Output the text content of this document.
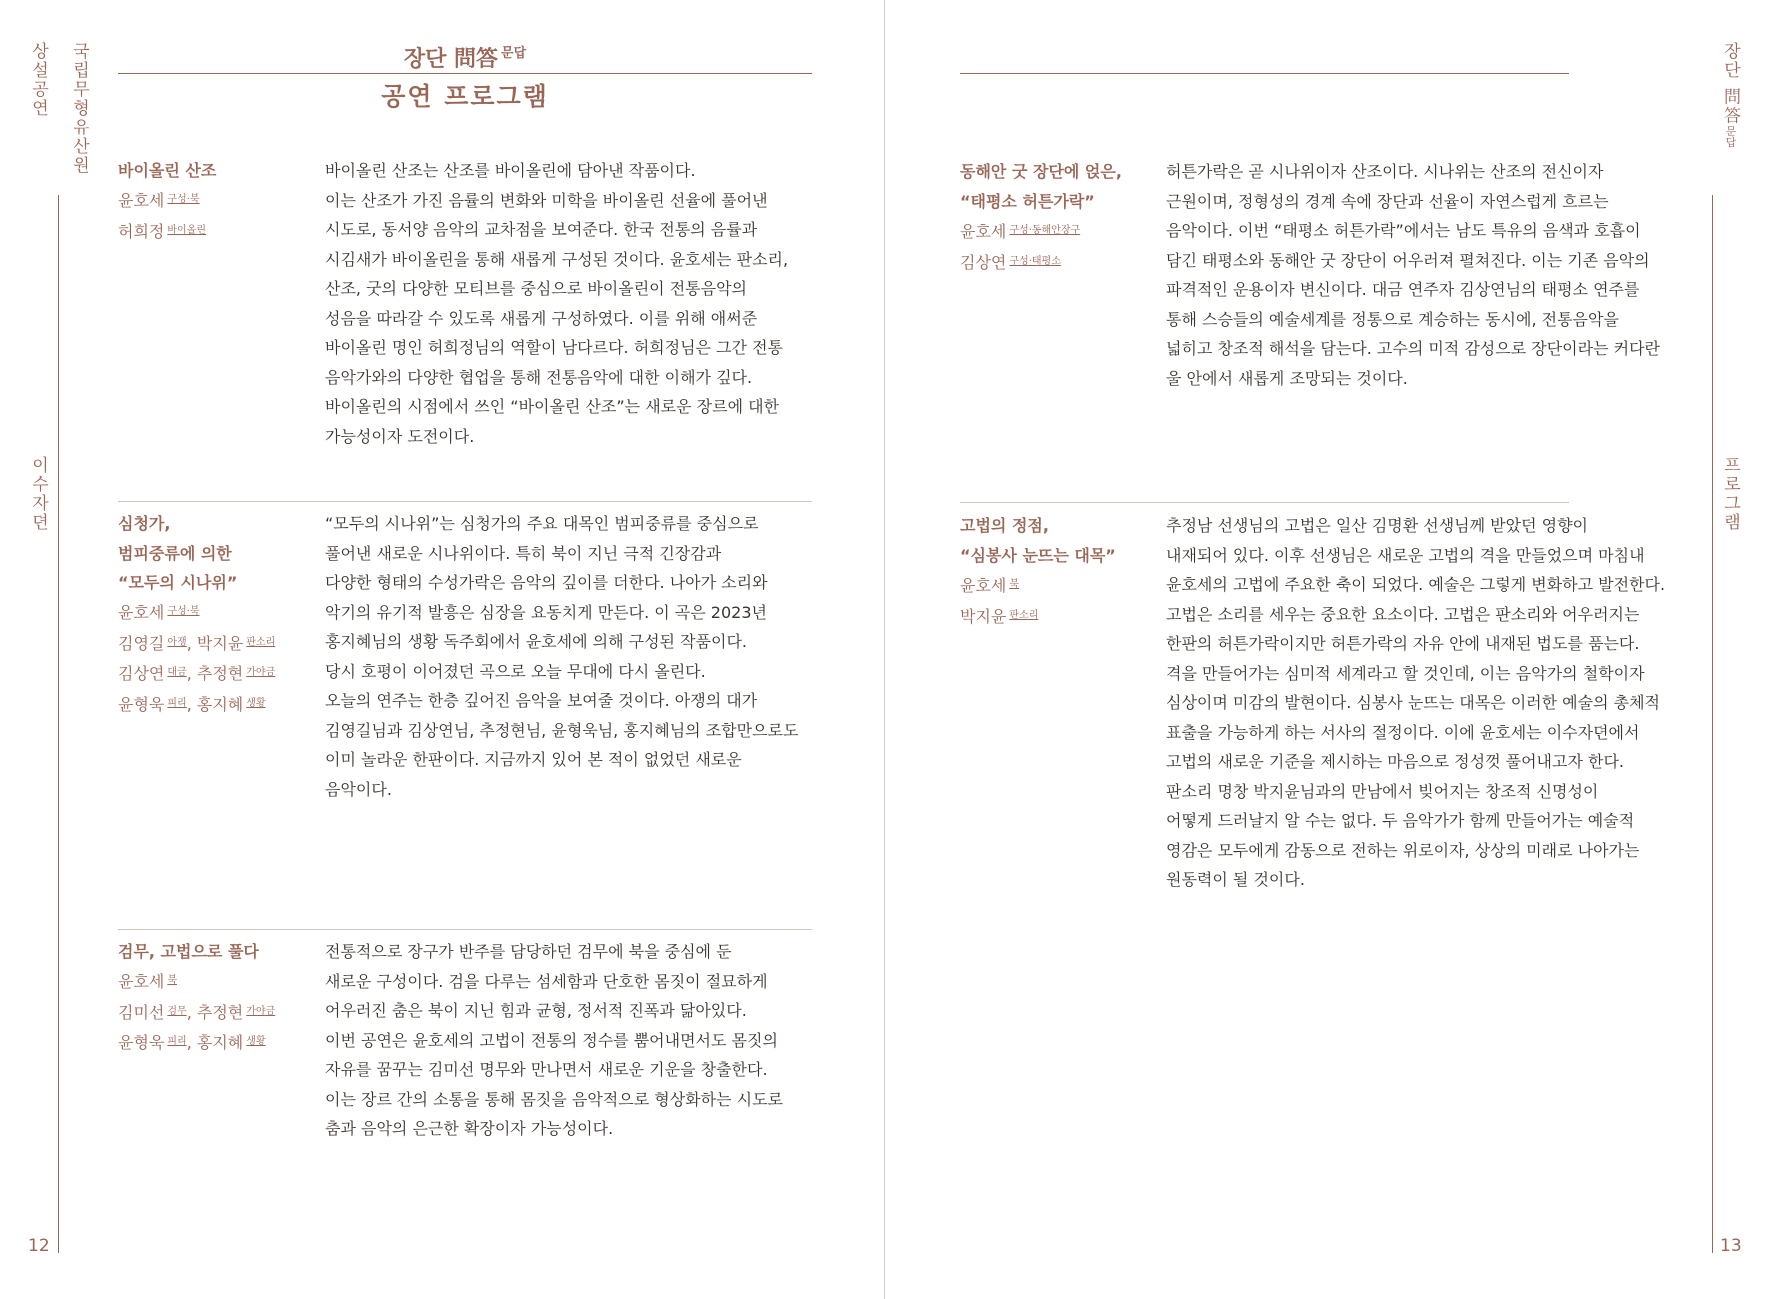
상설공연 국립무형유산원
이수자뎐
12
장단 問答 $^{문답}$
공연 프로그램
바이올린 산조
윤호세 $^{구성\cdot 북}$
허희정 $^{바이올린}$
바이올린 산조는 산조를 바이올린에 담아낸 작품이다.
이는 산조가 가진 음률의 변화와 미학을 바이올린 선율에 풀어낸
시도로, 동서양 음악의 교차점을 보여준다. 한국 전통의 음률과
시김새가 바이올린을 통해 새롭게 구성된 것이다. 윤호세는 판소리,
산조, 굿의 다양한 모티브를 중심으로 바이올린이 전통음악의
성음을 따라갈 수 있도록 새롭게 구성하였다. 이를 위해 애써준
바이올린 명인 허희정님의 역할이 남다르다. 허희정님은 그간 전통
음악가와의 다양한 협업을 통해 전통음악에 대한 이해가 깊다.
바이올린의 시점에서 쓰인 “바이올린 산조”는 새로운 장르에 대한
가능성이자 도전이다.
심청가,
범피중류에 의한
“모두의 시나위”
윤호세 $^{구성\cdot 북}$
김영길 $^{아쟁}$, 박지윤 $^{판소리}$
김상연 $^{대금}$, 추정현 $^{가야금}$
윤형욱 $^{피리}$, 홍지혜 $^{생황}$
“모두의 시나위”는 심청가의 주요 대목인 범피중류를 중심으로
풀어낸 새로운 시나위이다. 특히 북이 지닌 극적 긴장감과
다양한 형태의 수성가락은 음악의 깊이를 더한다. 나아가 소리와
악기의 유기적 발흥은 심장을 요동치게 만든다. 이 곡은 2023년
홍지혜님의 생황 독주회에서 윤호세에 의해 구성된 작품이다.
당시 호평이 이어졌던 곡으로 오늘 무대에 다시 올린다.
오늘의 연주는 한층 깊어진 음악을 보여줄 것이다. 아쟁의 대가
김영길님과 김상연님, 추정현님, 윤형욱님, 홍지혜님의 조합만으로도
이미 놀라운 한판이다. 지금까지 있어 본 적이 없었던 새로운
음악이다.
검무, 고법으로 풀다
윤호세 $^북$
김미선 $^{검무}$, 추정현 $^{가야금}$
윤형욱 $^{피리}$, 홍지혜 $^{생황}$
전통적으로 장구가 반주를 담당하던 검무에 북을 중심에 둔
새로운 구성이다. 검을 다루는 섬세함과 단호한 몸짓이 절묘하게
어우러진 춤은 북이 지닌 힘과 균형, 정서적 진폭과 닮아있다.
이번 공연은 윤호세의 고법이 전통의 정수를 뿜어내면서도 몸짓의
자유를 꿈꾸는 김미선 명무와 만나면서 새로운 기운을 창출한다.
이는 장르 간의 소통을 통해 몸짓을 음악적으로 형상화하는 시도로
춤과 음악의 은근한 확장이자 가능성이다.
장단 問答문답
프로그램
13
동해안 굿 장단에 얹은,
“태평소 허튼가락”
윤호세 $^{구성\cdot 동해안장구}$
김상연 $^{구성\cdot 태평소}$
허튼가락은 곧 시나위이자 산조이다. 시나위는 산조의 전신이자
근원이며, 정형성의 경계 속에 장단과 선율이 자연스럽게 흐르는
음악이다. 이번 “태평소 허튼가락”에서는 남도 특유의 음색과 호흡이
담긴 태평소와 동해안 굿 장단이 어우러져 펼쳐진다. 이는 기존 음악의
파격적인 운용이자 변신이다. 대금 연주자 김상연님의 태평소 연주를
통해 스승들의 예술세계를 정통으로 계승하는 동시에, 전통음악을
넓히고 창조적 해석을 담는다. 고수의 미적 감성으로 장단이라는 커다란
울 안에서 새롭게 조망되는 것이다.
고법의 정점,
“심봉사 눈뜨는 대목”
윤호세 $^북$
박지윤 $^{판소리}$
추정남 선생님의 고법은 일산 김명환 선생님께 받았던 영향이
내재되어 있다. 이후 선생님은 새로운 고법의 격을 만들었으며 마침내
윤호세의 고법에 주요한 축이 되었다. 예술은 그렇게 변화하고 발전한다.
고법은 소리를 세우는 중요한 요소이다. 고법은 판소리와 어우러지는
한판의 허튼가락이지만 허튼가락의 자유 안에 내재된 법도를 품는다.
격을 만들어가는 심미적 세계라고 할 것인데, 이는 음악가의 철학이자
심상이며 미감의 발현이다. 심봉사 눈뜨는 대목은 이러한 예술의 총체적
표출을 가능하게 하는 서사의 절정이다. 이에 윤호세는 이수자뎐에서
고법의 새로운 기준을 제시하는 마음으로 정성껏 풀어내고자 한다.
판소리 명창 박지윤님과의 만남에서 빚어지는 창조적 신명성이
어떻게 드러날지 알 수는 없다. 두 음악가가 함께 만들어가는 예술적
영감은 모두에게 감동으로 전하는 위로이자, 상상의 미래로 나아가는
원동력이 될 것이다.
